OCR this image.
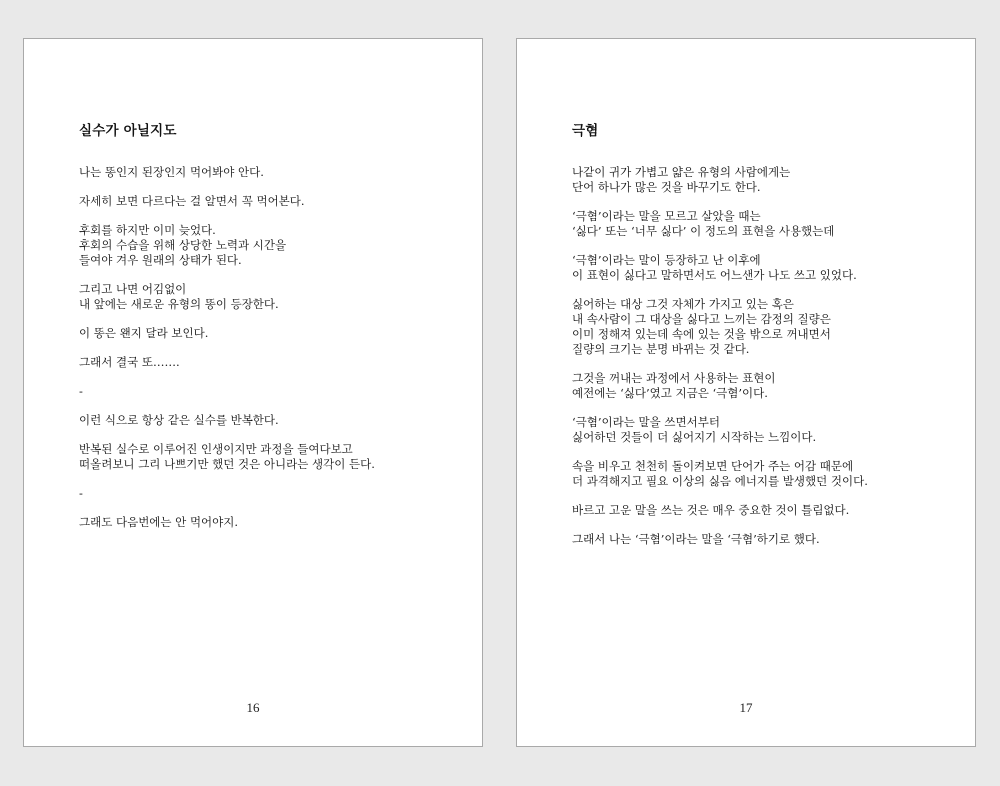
실수가 아닐지도

나는 똥인지 된장인지 먹어봐야 안다.

자세히 보면 다르다는 걸 알면서 꼭 먹어본다.

후회를 하지만 이미 늦었다.
후회의 수습을 위해 상당한 노력과 시간을
들여야 겨우 원래의 상태가 된다.

그리고 나면 어김없이
내 앞에는 새로운 유형의 똥이 등장한다.

이 똥은 왠지 달라 보인다.

그래서 결국 또…….

-

이런 식으로 항상 같은 실수를 반복한다.

반복된 실수로 이루어진 인생이지만 과정을 들여다보고
떠올려보니 그리 나쁘기만 했던 것은 아니라는 생각이 든다.

-

그래도 다음번에는 안 먹어야지.

16
극혐

나같이 귀가 가볍고 얇은 유형의 사람에게는
단어 하나가 많은 것을 바꾸기도 한다.

‘극혐’이라는 말을 모르고 살았을 때는
‘싫다’ 또는 ‘너무 싫다’ 이 정도의 표현을 사용했는데

‘극혐’이라는 말이 등장하고 난 이후에
이 표현이 싫다고 말하면서도 어느샌가 나도 쓰고 있었다.

싫어하는 대상 그것 자체가 가지고 있는 혹은
내 속사람이 그 대상을 싫다고 느끼는 감정의 질량은
이미 정해져 있는데 속에 있는 것을 밖으로 꺼내면서
질량의 크기는 분명 바뀌는 것 같다.

그것을 꺼내는 과정에서 사용하는 표현이
예전에는 ‘싫다’였고 지금은 ‘극혐’이다.

‘극혐’이라는 말을 쓰면서부터
싫어하던 것들이 더 싫어지기 시작하는 느낌이다.

속을 비우고 천천히 돌이켜보면 단어가 주는 어감 때문에
더 과격해지고 필요 이상의 싫음 에너지를 발생했던 것이다.

바르고 고운 말을 쓰는 것은 매우 중요한 것이 틀림없다.

그래서 나는 ‘극혐’이라는 말을 ‘극혐’하기로 했다.

17
